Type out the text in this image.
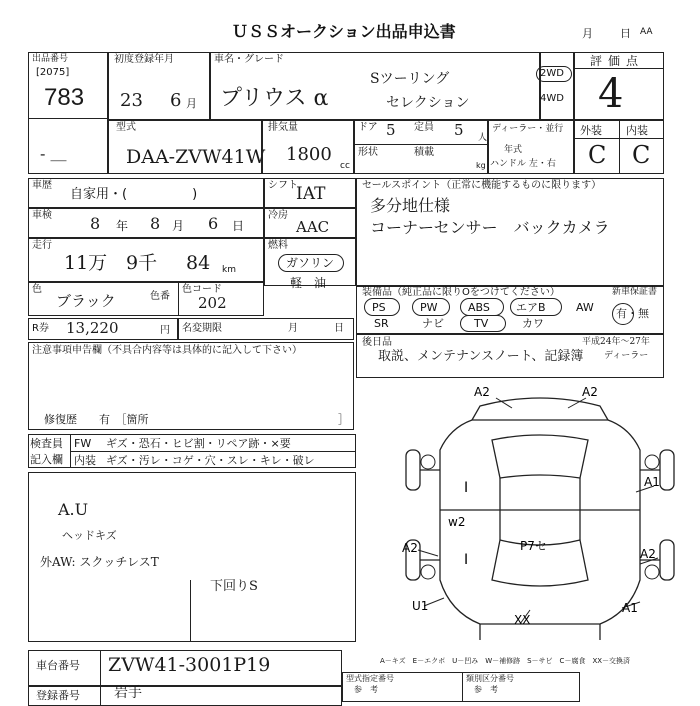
ＵＳＳオークション出品申込書	月 日 AA
出品番号
[2075]
783
初度登録年月
23 6 月
車名・グレード
プリウス α
Sツーリング
セレクション
2WD
4WD
評価点
4
型式
DAA-ZVW41W
- ＿
排気量
1800
cc
ドア 5 定員 5 人
形状	積載
kg
ディーラー・並行
年式
ハンドル 左・右
外装 内装
C C
車歴
自家用・(　　　　　)
シフト
IAT	セールスポイント（正常に機能するものに限ります）
多分地仕様
コーナーセンサー　バックカメラ
車検 8 年 8 月 6 日
冷房
AAC
走行
11万 9千 84 km
燃料
ガソリン
軽　油
色
ブラック	色番
色コード
202
装備品（純正品に限りOをつけてください）	新車保証書
PS	PW	ABS エアB	AW
SR	ナビ	TV	カワ
有・無
R券 13,220	円 名変期限	月	日
後日品
取説、メンテナンスノート、記録簿
平成24年～27年
ディーラー
注意事項申告欄（不具合内容等は具体的に記入して下さい）
修復歴　　有　［箇所	］
検査員
記入欄
FW ギズ・恐石・ヒビ割・リペア跡・×要
内装 ギズ・汚レ・コゲ・穴・スレ・キレ・破レ
A.U
ヘッドキズ
外AW: スクッチレスT
下回りS
A2	A2
A1
w2
A2	P7セ
A2
U1	A1
XX
I
I
A－キズ　E－エクボ　U－凹み　W－補修跡　S－サビ　C－腐食　XX－交換済
車台番号 ZVW41-3001P19
登録番号 岩手
型式指定番号
参　考
類別区分番号
参　考
